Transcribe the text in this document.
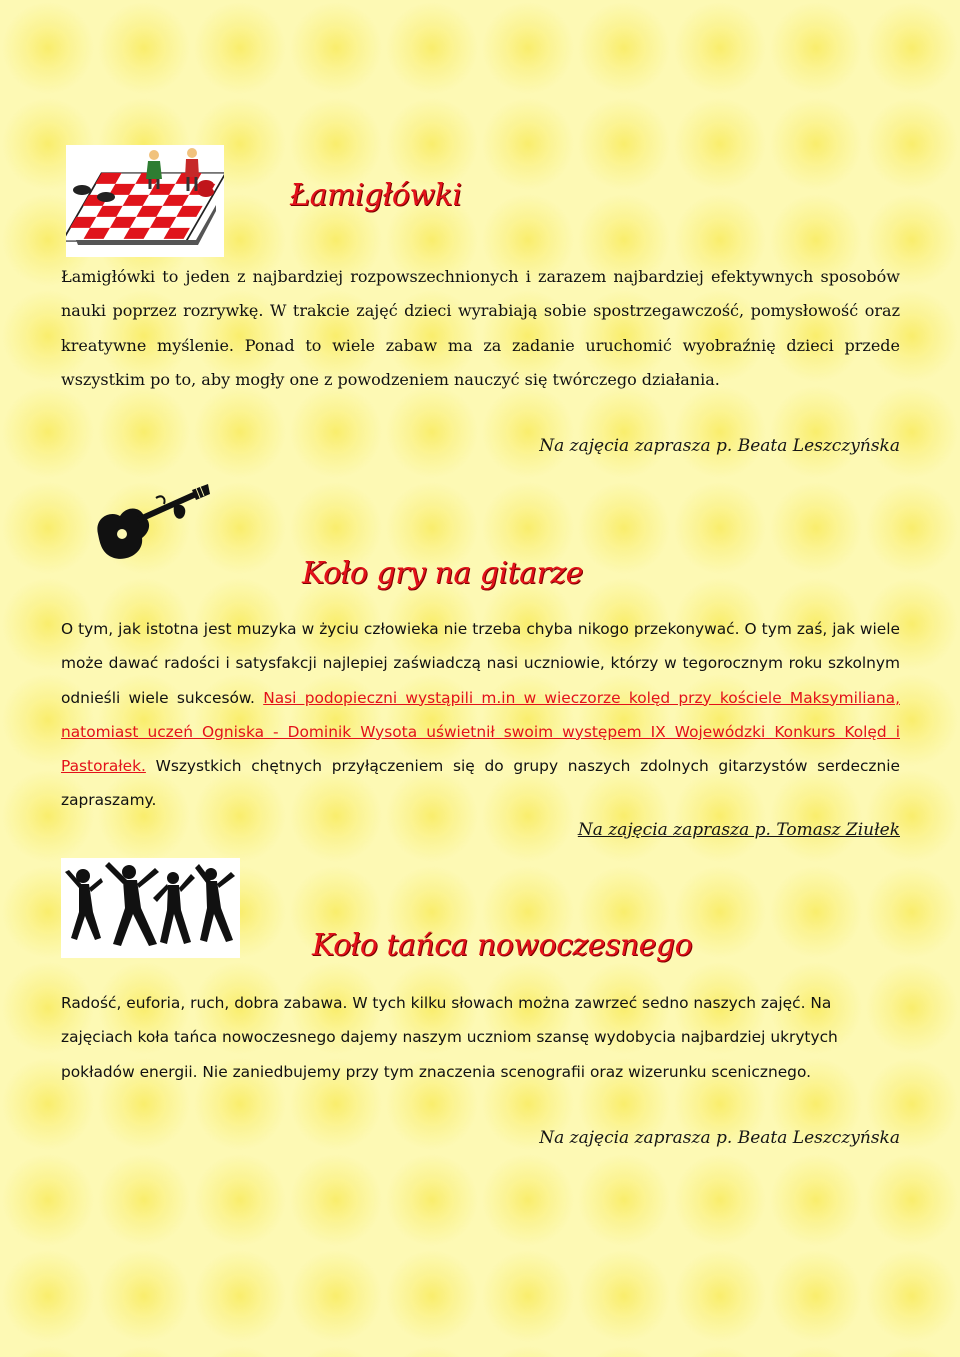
Łamigłówki

Łamigłówki to jeden z najbardziej rozpowszechnionych i zarazem najbardziej efektywnych sposobów nauki poprzez rozrywkę. W trakcie zajęć dzieci wyrabiają sobie spostrzegawczość, pomysłowość oraz kreatywne myślenie. Ponad to wiele zabaw ma za zadanie uruchomić wyobraźnię dzieci przede wszystkim po to, aby mogły one z powodzeniem nauczyć się twórczego działania.

Na zajęcia zaprasza p. Beata Leszczyńska
Koło gry na gitarze

O tym, jak istotna jest muzyka w życiu człowieka nie trzeba chyba nikogo przekonywać. O tym zaś, jak wiele może dawać radości i satysfakcji najlepiej zaświadczą nasi uczniowie, którzy w tegorocznym roku szkolnym odnieśli wiele sukcesów. Nasi podopieczni wystąpili m.in w wieczorze kolęd przy kościele Maksymiliana, natomiast uczeń Ogniska - Dominik Wysota uświetnił swoim występem IX Wojewódzki Konkurs Kolęd i Pastorałek. Wszystkich chętnych przyłączeniem się do grupy naszych zdolnych gitarzystów serdecznie zapraszamy.

Na zajęcia zaprasza p. Tomasz Ziułek
Koło tańca nowoczesnego

Radość, euforia, ruch, dobra zabawa. W tych kilku słowach można zawrzeć sedno naszych zajęć. Na zajęciach koła tańca nowoczesnego dajemy naszym uczniom szansę wydobycia najbardziej ukrytych pokładów energii. Nie zaniedbujemy przy tym znaczenia scenografii oraz wizerunku scenicznego.

Na zajęcia zaprasza p. Beata Leszczyńska
